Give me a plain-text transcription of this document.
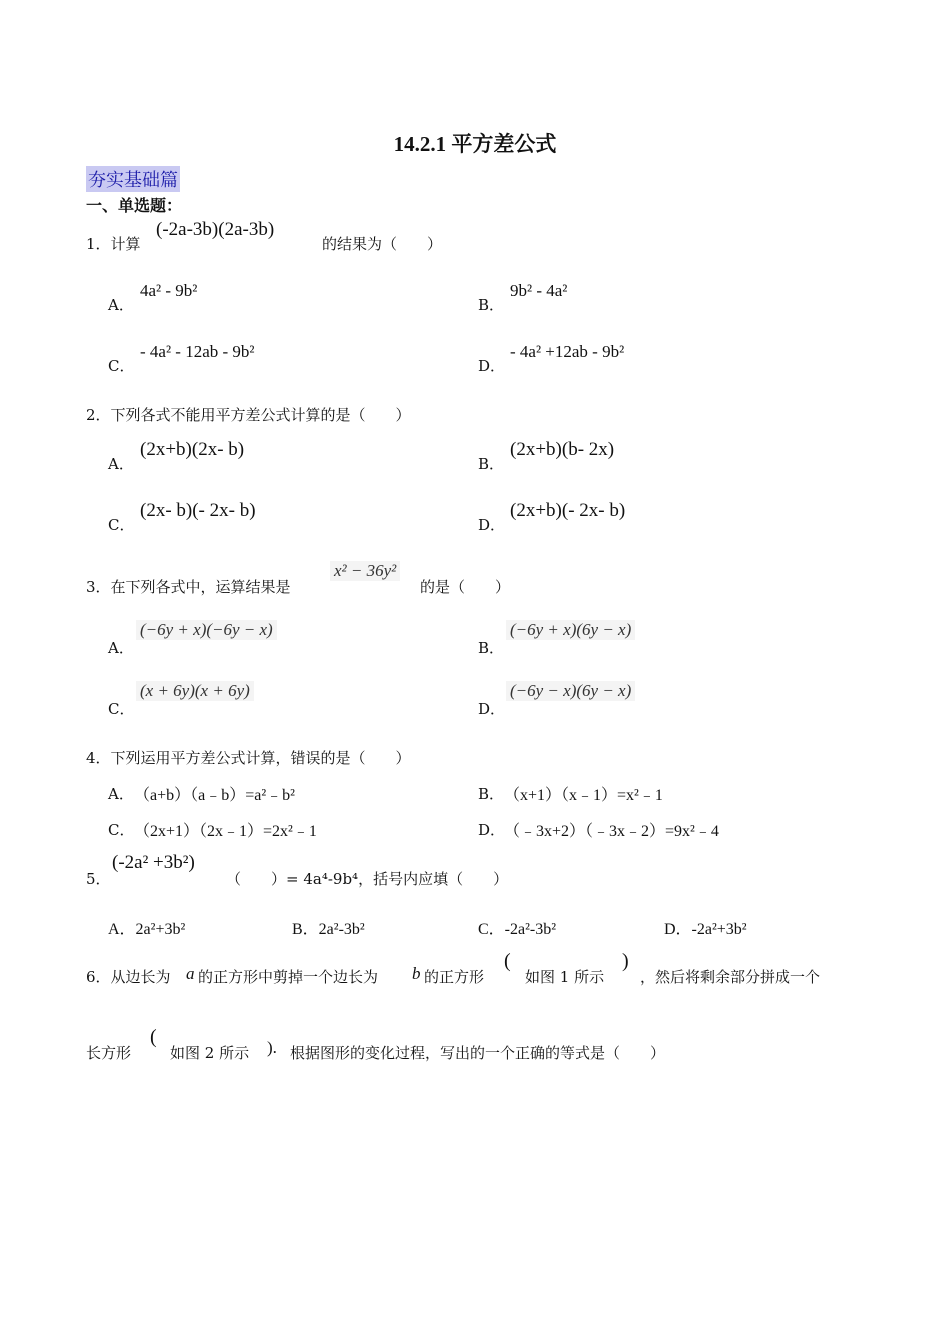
14.2.1 平方差公式
夯实基础篇
一、单选题：
1．计算
(-2a-3b)(2a-3b)
的结果为（　　）
A．
4a² - 9b²
B．
9b² - 4a²
C．
- 4a² - 12ab - 9b²
D．
- 4a² +12ab - 9b²
2．下列各式不能用平方差公式计算的是（　　）
A．
(2x+b)(2x- b)
B．
(2x+b)(b- 2x)
C．
(2x- b)(- 2x- b)
D．
(2x+b)(- 2x- b)
3．在下列各式中，运算结果是
x² − 36y²
的是（　　）
A．
(−6y + x)(−6y − x)
B．
(−6y + x)(6y − x)
C．
(x + 6y)(x + 6y)
D．
(−6y − x)(6y − x)
4．下列运用平方差公式计算，错误的是（　　）
A． （a+b）（a﹣b）=a²﹣b²	B． （x+1）（x﹣1）=x²﹣1
C． （2x+1）（2x﹣1）=2x²﹣1	D．
（﹣3x+2）（﹣3x﹣2）=9x²﹣4
5．
(-2a² +3b²)
（　　）= 4a⁴-9b⁴，括号内应填（　　）
A．2a²+3b²	B．2a²-3b²	C．-2a²-3b²	D．-2a²+3b²
6．从边长为 a 的正方形中剪掉一个边长为 b 的正方形
(
如图 1 所示
)
，然后将剩余部分拼成一个
长方形
(
如图 2 所示 ). 根据图形的变化过程，写出的一个正确的等式是（　　）
